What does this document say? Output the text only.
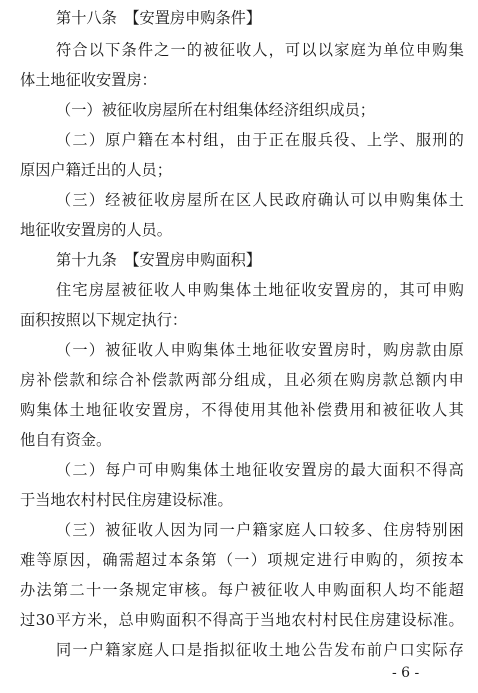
第十八条　【安置房申购条件】
符 合 以 下 条 件 之 一 的 被 征 收 人 ， 可 以 以 家 庭 为 单 位 申 购 集
体土地征收安置房：
（一）被征收房屋所在村组集体经济组织成员；
（ 二 ） 原 户 籍 在 本 村 组 ， 由 于 正 在 服 兵 役 、 上 学 、 服 刑 的
原因户籍迁出的人员；
（ 三 ） 经 被 征 收 房 屋 所 在 区 人 民 政 府 确 认 可 以 申 购 集 体 土
地征收安置房的人员。
第十九条　【安置房申购面积】
住 宅 房 屋 被 征 收 人 申 购 集 体 土 地 征 收 安 置 房 的 ， 其 可 申 购
面积按照以下规定执行：
（ 一 ） 被 征 收 人 申 购 集 体 土 地 征 收 安 置 房 时 ， 购 房 款 由 原
房 补 偿 款 和 综 合 补 偿 款 两 部 分 组 成 ， 且 必 须 在 购 房 款 总 额 内 申
购 集 体 土 地 征 收 安 置 房 ， 不 得 使 用 其 他 补 偿 费 用 和 被 征 收 人 其
他自有资金。
（ 二 ） 每 户 可 申 购 集 体 土 地 征 收 安 置 房 的 最 大 面 积 不 得 高
于当地农村村民住房建设标准。
（ 三 ） 被 征 收 人 因 为 同 一 户 籍 家 庭 人 口 较 多 、 住 房 特 别 困
难 等 原 因 ， 确 需 超 过 本 条 第 （ 一 ） 项 规 定 进 行 申 购 的 ， 须 按 本
办 法 第 二 十 一 条 规 定 审 核 。 每 户 被 征 收 人 申 购 面 积 人 均 不 能 超
过 30 平 方 米 ， 总 申 购 面 积 不 得 高 于 当 地 农 村 村 民 住 房 建 设 标 准 。
同 一 户 籍 家 庭 人 口 是 指 拟 征 收 土 地 公 告 发 布 前 户 口 实 际 存
- 6 -
